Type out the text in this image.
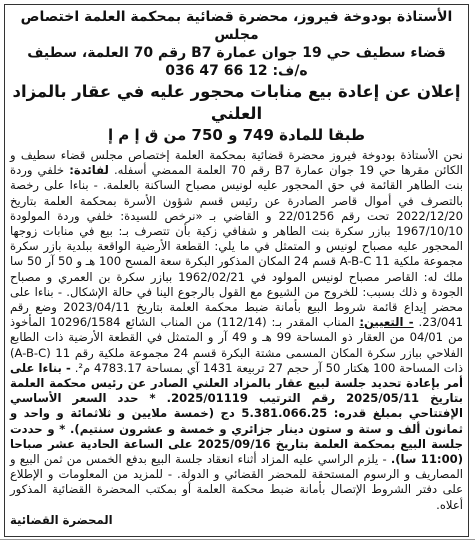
الأستاذة بودوخة فيروز، محضرة قضائية بمحكمة العلمة اختصاص مجلس
قضاء سطيف حي 19 جوان عمارة B7 رقم 70 العلمة، سطيف
ه/ف: 036 47 66 12
إعلان عن إعادة بيع منابات محجور عليه في عقار بالمزاد العلني
طبقا للمادة 749 و 750 من ق إ م إ
نحن الأستاذة بودوخة فيروز محضرة قضائية بمحكمة العلمة إختصاص مجلس قضاء سطيف و الكائن مقرها حي 19 جوان عمارة B7 رقم 70 العلمة الممضي أسفله. لفائدة: خلفي وردة بنت الطاهر القائمة في حق المحجور عليه لونيس مصباح الساكنة بالعلمة. - بناءا على رخصة بالتصرف في أموال قاصر الصادرة عن رئيس قسم شؤون الأسرة بمحكمة العلمة بتاريخ 2022/12/20 تحت رقم 22/01256 و القاضي بـ «نرخص للسيدة: خلفي وردة المولودة 1967/10/10 ببازر سكرة بنت الطاهر و شفافي زكية بأن تتصرف بـ: بيع في منابات زوجها المحجور عليه مصباح لونيس و المتمثل في ما يلي: القطعة الأرضية الواقعة ببلدية بازر سكرة مجموعة ملكية 11 A-B-C قسم 24 المكان المذكور البكرة سعة المسح 100 هـ و 50 آر 50 سا ملك له: القاصر مصباح لونيس المولود في 1962/02/21 ببازر سكرة بن العمري و مصباح الجودة و ذلك بسبب: للخروج من الشيوع مع القول بالرجوع الينا في حالة الإشكال. - بناءا على محضر إيداع قائمة شروط البيع بأمانة ضبط محكمة العلمة بتاريخ 2023/04/11 وضع رقم 23/041. - التعيين: المناب المقدر بـ: (112/14) من المناب الشائع 10296/1584 المأخوذ من 04/01 من العقار ذو المساحة 99 هـ و 49 آر و المتمثل في القطعة الأرضية ذات الطابع الفلاحي ببازر سكرة المكان المسمى مشتة البكرة قسم 24 مجموعة ملكية رقم 11 (A-B-C) ذات المساحة 100 هكتار 50 آر حجم 27 تربيعة 1431 آي بمساحة 4783.17 م². - بناءا على أمر بإعادة تحديد جلسة لبيع عقار بالمزاد العلني الصادر عن رئيس محكمة العلمة بتاريخ 2025/05/11 رقم الترتيب 2025/01119. * حدد السعر الأساسي الإفتتاحي بمبلغ قدره: 5.381.066.25 دج (خمسة ملايين و ثلاثمائة و واحد و ثمانون ألف و ستة و ستون دينار جزائري و خمسة و عشرون سنتيم). * و حددت جلسة البيع بمحكمة العلمة بتاريخ 2025/09/16 على الساعة الحادية عشر صباحا (11:00 سا). - يلزم الراسي عليه المزاد أثناء انعقاد جلسة البيع بدفع الخمس من ثمن البيع و المصاريف و الرسوم المستحقة للمحضر القضائي و الدولة. - للمزيد من المعلومات و الإطلاع على دفتر الشروط الإتصال بأمانة ضبط محكمة العلمة أو بمكتب المحضرة القضائية المذكور أعلاه.
المحضرة القضائية
